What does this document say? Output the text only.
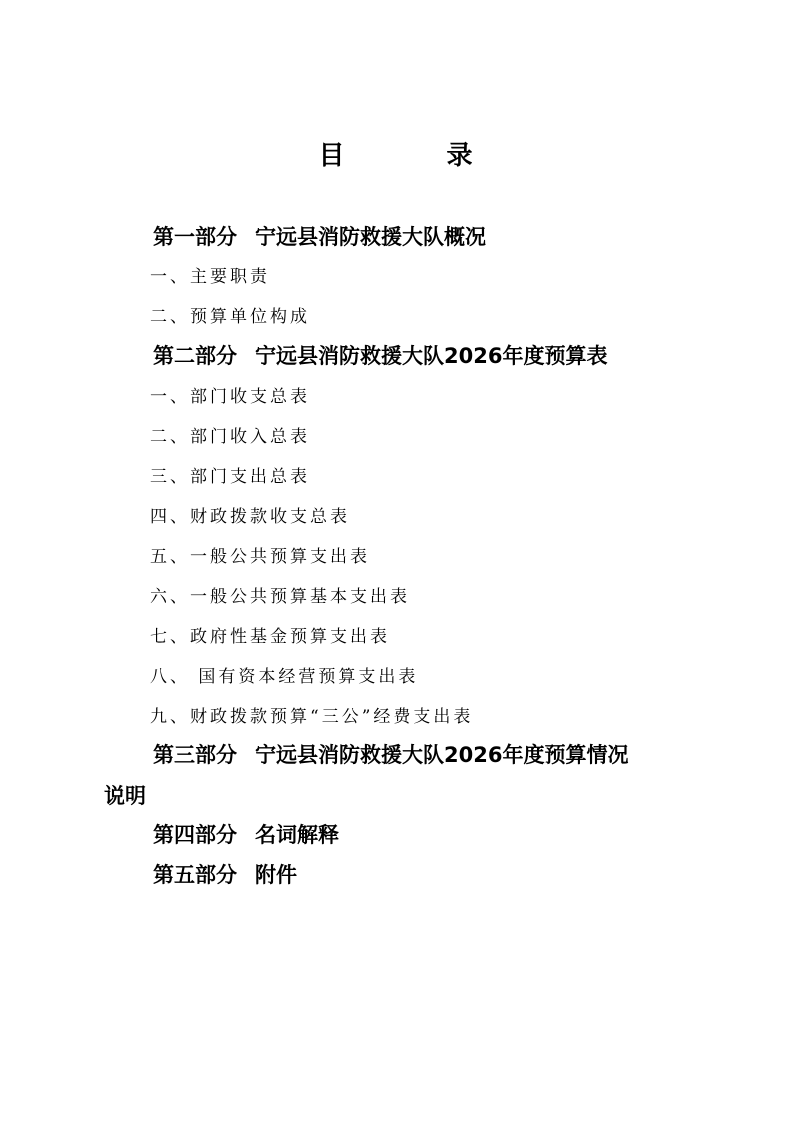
目　录
第一部分 宁远县消防救援大队概况
一、主要职责
二、预算单位构成
第二部分 宁远县消防救援大队2026年度预算表
一、部门收支总表
二、部门收入总表
三、部门支出总表
四、财政拨款收支总表
五、一般公共预算支出表
六、一般公共预算基本支出表
七、政府性基金预算支出表
八、 国有资本经营预算支出表
九、财政拨款预算“三公”经费支出表
第三部分 宁远县消防救援大队2026年度预算情况
说明
第四部分 名词解释
第五部分 附件
